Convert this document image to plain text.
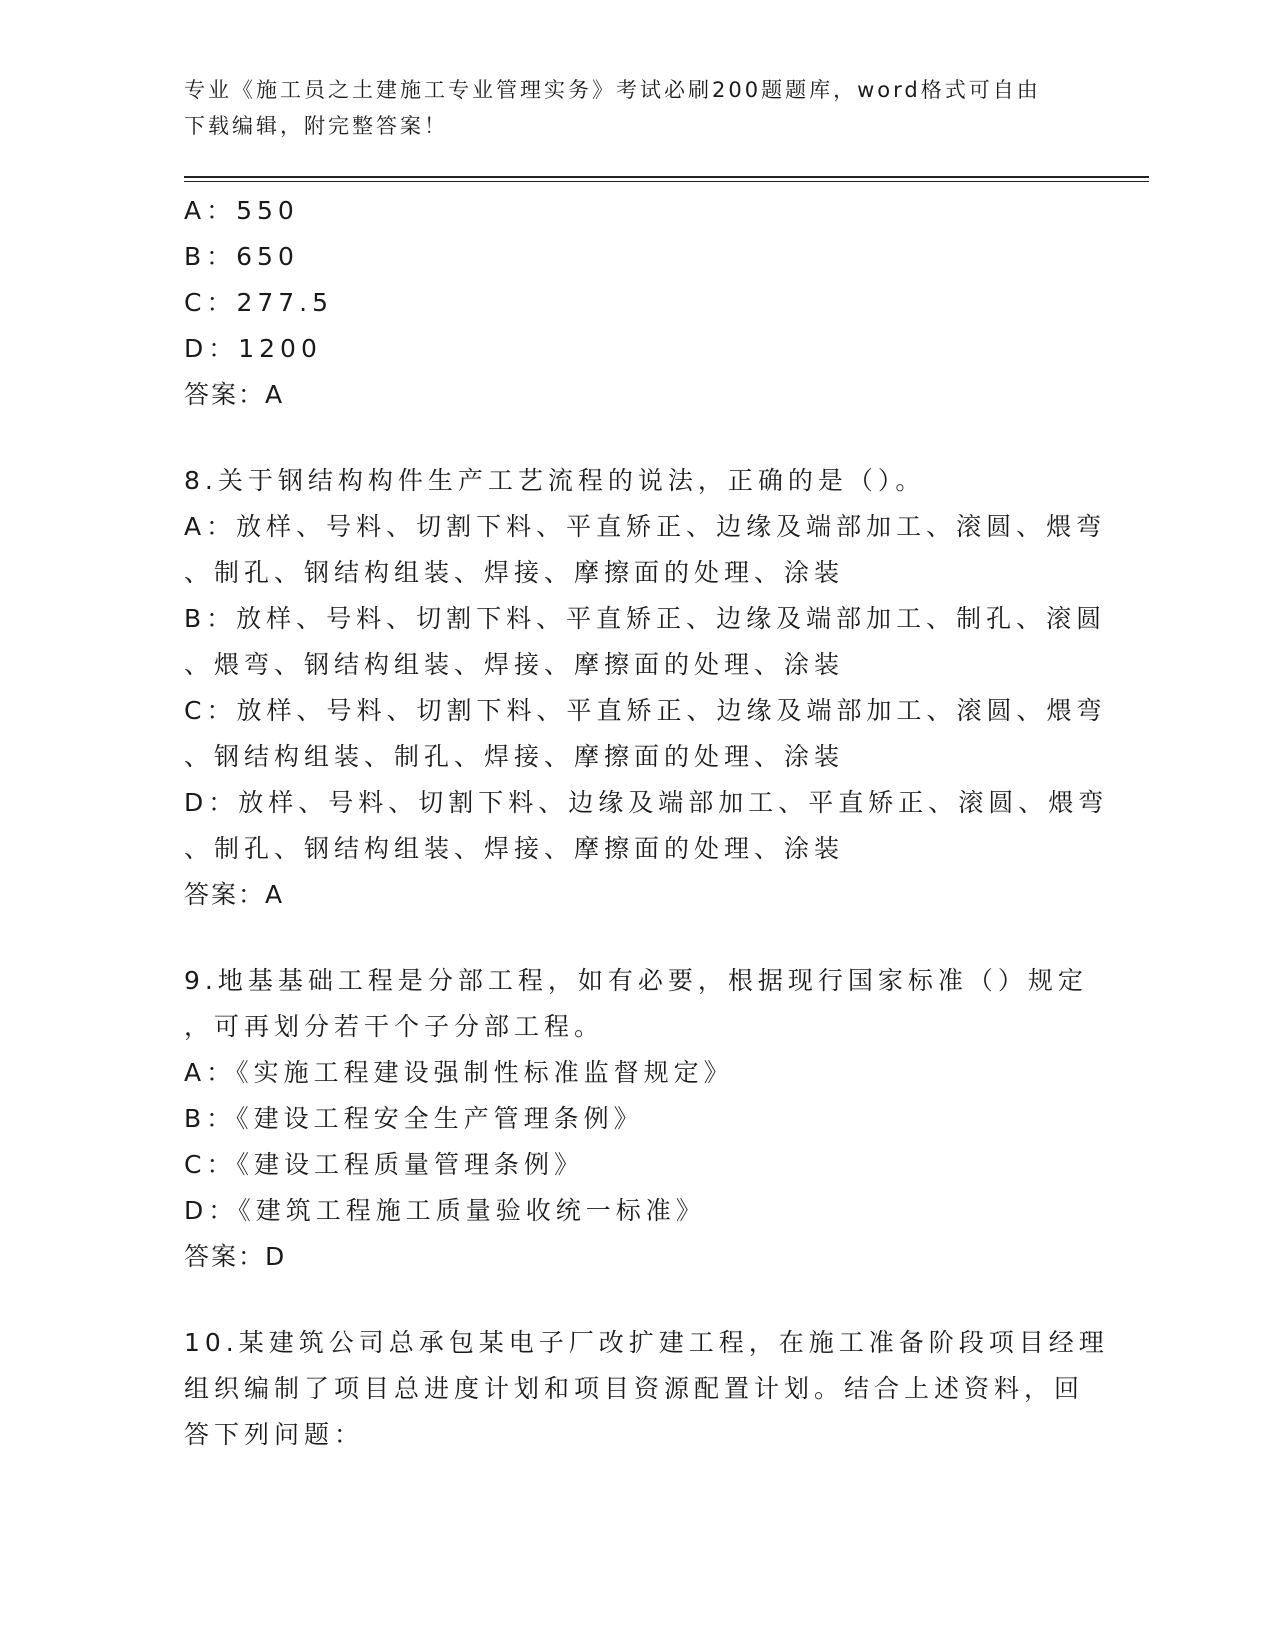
专业《施工员之土建施工专业管理实务》考试必刷200题题库，word格式可自由
下载编辑，附完整答案！
A：550
B：650
C：277.5
D：1200
答案：A
8.关于钢结构构件生产工艺流程的说法，正确的是（）。
A：放样、号料、切割下料、平直矫正、边缘及端部加工、滚圆、煨弯
、制孔、钢结构组装、焊接、摩擦面的处理、涂装
B：放样、号料、切割下料、平直矫正、边缘及端部加工、制孔、滚圆
、煨弯、钢结构组装、焊接、摩擦面的处理、涂装
C：放样、号料、切割下料、平直矫正、边缘及端部加工、滚圆、煨弯
、钢结构组装、制孔、焊接、摩擦面的处理、涂装
D：放样、号料、切割下料、边缘及端部加工、平直矫正、滚圆、煨弯
、制孔、钢结构组装、焊接、摩擦面的处理、涂装
答案：A
9.地基基础工程是分部工程，如有必要，根据现行国家标准（）规定
，可再划分若干个子分部工程。
A：《实施工程建设强制性标准监督规定》
B：《建设工程安全生产管理条例》
C：《建设工程质量管理条例》
D：《建筑工程施工质量验收统一标准》
答案：D
10.某建筑公司总承包某电子厂改扩建工程，在施工准备阶段项目经理
组织编制了项目总进度计划和项目资源配置计划。结合上述资料，回
答下列问题：
